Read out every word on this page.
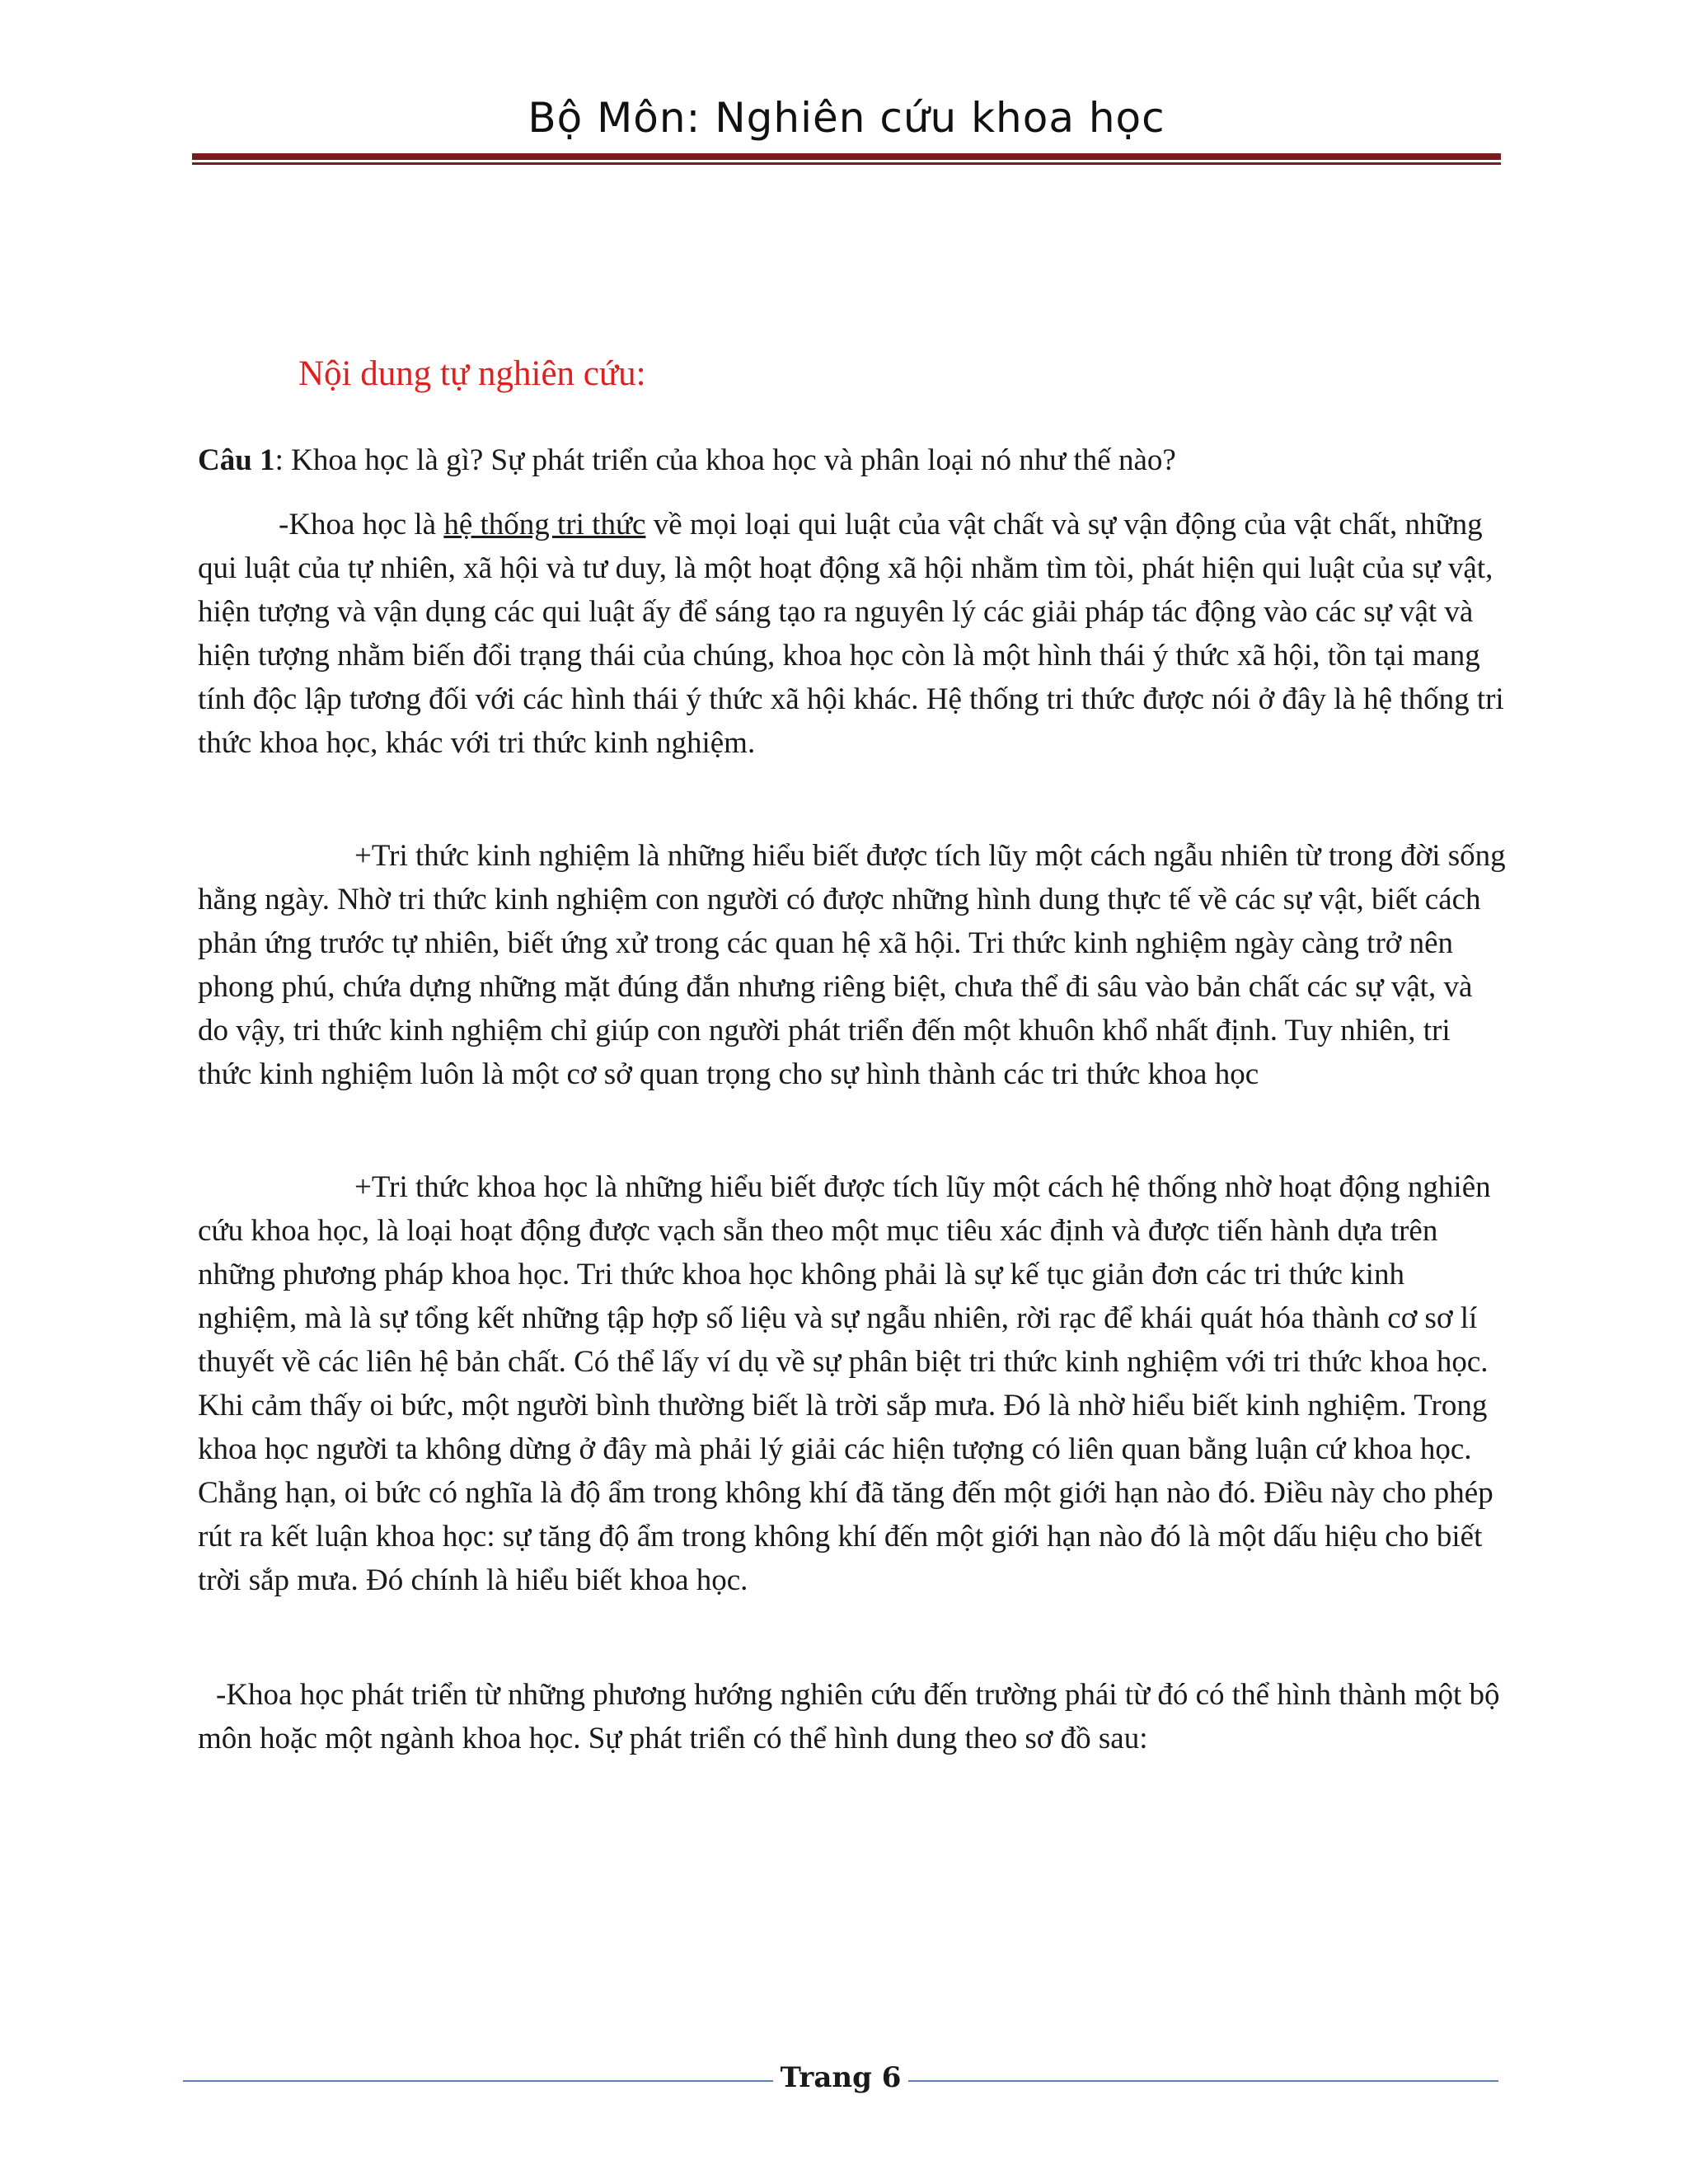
Bộ Môn: Nghiên cứu khoa học
Nội dung tự nghiên cứu:
Câu 1: Khoa học là gì? Sự phát triển của khoa học và phân loại nó như thế nào?
-Khoa học là hệ thống tri thức về mọi loại qui luật của vật chất và sự vận động của vật chất, những qui luật của tự nhiên, xã hội và tư duy, là một hoạt động xã hội nhằm tìm tòi, phát hiện qui luật của sự vật, hiện tượng và vận dụng các qui luật ấy để sáng tạo ra nguyên lý các giải pháp tác động vào các sự vật và hiện tượng nhằm biến đổi trạng thái của chúng, khoa học còn là một hình thái ý thức xã hội, tồn tại mang tính độc lập tương đối với các hình thái ý thức xã hội khác. Hệ thống tri thức được nói ở đây là hệ thống tri thức khoa học, khác với tri thức kinh nghiệm.
+Tri thức kinh nghiệm là những hiểu biết được tích lũy một cách ngẫu nhiên từ trong đời sống hằng ngày. Nhờ tri thức kinh nghiệm con người có được những hình dung thực tế về các sự vật, biết cách phản ứng trước tự nhiên, biết ứng xử trong các quan hệ xã hội. Tri thức kinh nghiệm ngày càng trở nên phong phú, chứa dựng những mặt đúng đắn nhưng riêng biệt, chưa thể đi sâu vào bản chất các sự vật, và do vậy, tri thức kinh nghiệm chỉ giúp con người phát triển đến một khuôn khổ nhất định. Tuy nhiên, tri thức kinh nghiệm luôn là một cơ sở quan trọng cho sự hình thành các tri thức khoa học
+Tri thức khoa học là những hiểu biết được tích lũy một cách hệ thống nhờ hoạt động nghiên cứu khoa học, là loại hoạt động được vạch sẵn theo một mục tiêu xác định và được tiến hành dựa trên những phương pháp khoa học. Tri thức khoa học không phải là sự kế tục giản đơn các tri thức kinh nghiệm, mà là sự tổng kết những tập hợp số liệu và sự ngẫu nhiên, rời rạc để khái quát hóa thành cơ sơ lí thuyết về các liên hệ bản chất. Có thể lấy ví dụ về sự phân biệt tri thức kinh nghiệm với tri thức khoa học. Khi cảm thấy oi bức, một người bình thường biết là trời sắp mưa. Đó là nhờ hiểu biết kinh nghiệm. Trong khoa học người ta không dừng ở đây mà phải lý giải các hiện tượng có liên quan bằng luận cứ khoa học. Chẳng hạn, oi bức có nghĩa là độ ẩm trong không khí đã tăng đến một giới hạn nào đó. Điều này cho phép rút ra kết luận khoa học: sự tăng độ ẩm trong không khí đến một giới hạn nào đó là một dấu hiệu cho biết trời sắp mưa. Đó chính là hiểu biết khoa học.
-Khoa học phát triển từ những phương hướng nghiên cứu đến trường phái từ đó có thể hình thành một bộ môn hoặc một ngành khoa học. Sự phát triển có thể hình dung theo sơ đồ sau:
Trang 6
